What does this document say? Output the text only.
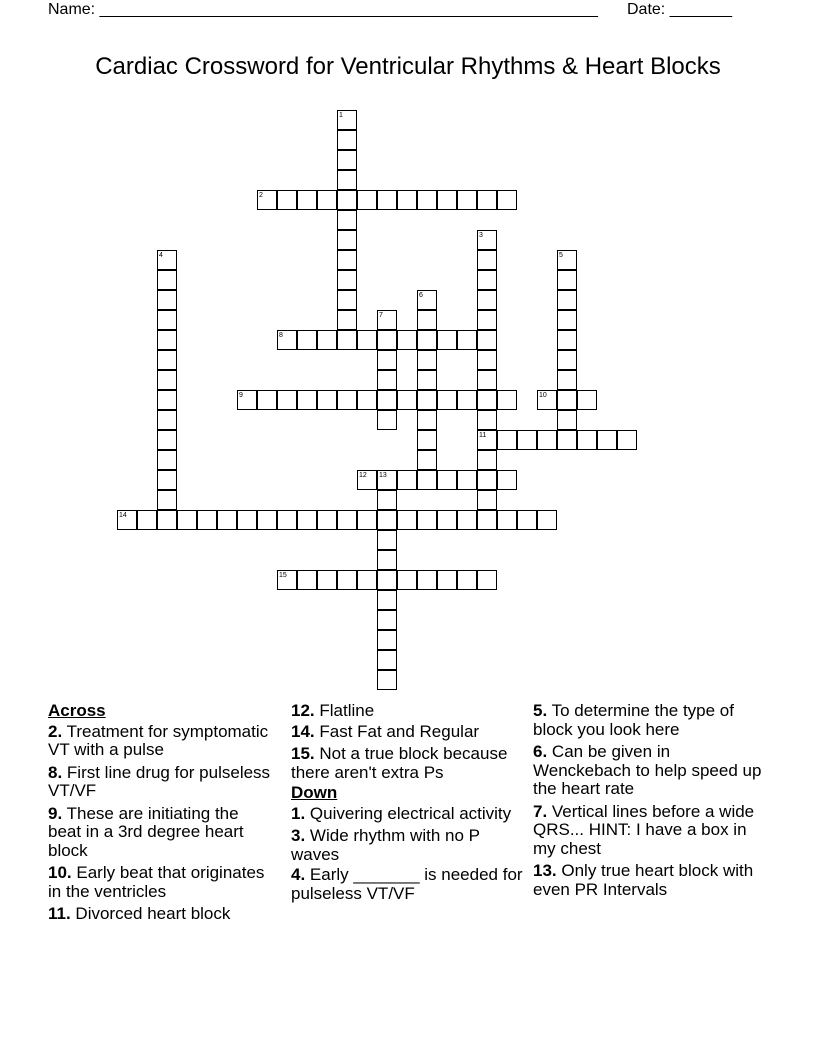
Name: ________________________________________________________ Date: _______
Cardiac Crossword for Ventricular Rhythms & Heart Blocks
1
2
3
11
4	5
6
7
8
9	10
12 13
14
15
Across
2. Treatment for symptomatic VT with a pulse
8. First line drug for pulseless VT/VF
9. These are initiating the beat in a 3rd degree heart block
10. Early beat that originates in the ventricles
11. Divorced heart block
12. Flatline
14. Fast Fat and Regular
15. Not a true block because there aren't extra Ps
Down
1. Quivering electrical activity
3. Wide rhythm with no P waves
4. Early _______ is needed for pulseless VT/VF
5. To determine the type of block you look here
6. Can be given in Wenckebach to help speed up the heart rate
7. Vertical lines before a wide QRS... HINT: I have a box in my chest
13. Only true heart block with even PR Intervals
